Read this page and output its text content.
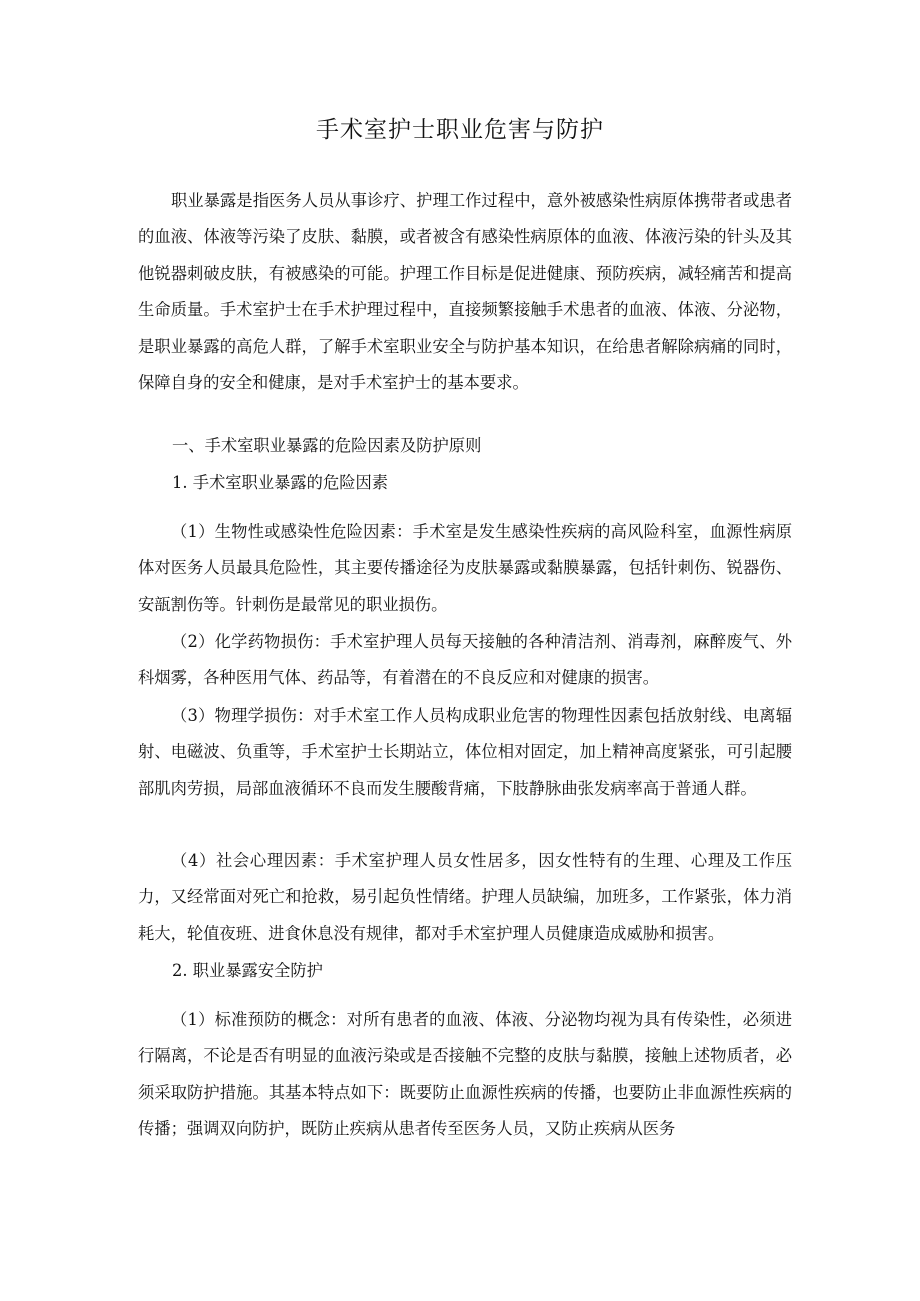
手术室护士职业危害与防护

职业暴露是指医务人员从事诊疗、护理工作过程中，意外被感染性病原体携带者或患者的血液、体液等污染了皮肤、黏膜，或者被含有感染性病原体的血液、体液污染的针头及其他锐器刺破皮肤，有被感染的可能。护理工作目标是促进健康、预防疾病，减轻痛苦和提高生命质量。手术室护士在手术护理过程中，直接频繁接触手术患者的血液、体液、分泌物，是职业暴露的高危人群，了解手术室职业安全与防护基本知识，在给患者解除病痛的同时，保障自身的安全和健康，是对手术室护士的基本要求。

一、手术室职业暴露的危险因素及防护原则

1. 手术室职业暴露的危险因素

（1）生物性或感染性危险因素：手术室是发生感染性疾病的高风险科室，血源性病原体对医务人员最具危险性，其主要传播途径为皮肤暴露或黏膜暴露，包括针刺伤、锐器伤、安瓿割伤等。针刺伤是最常见的职业损伤。

（2）化学药物损伤：手术室护理人员每天接触的各种清洁剂、消毒剂，麻醉废气、外科烟雾，各种医用气体、药品等，有着潜在的不良反应和对健康的损害。

（3）物理学损伤：对手术室工作人员构成职业危害的物理性因素包括放射线、电离辐射、电磁波、负重等，手术室护士长期站立，体位相对固定，加上精神高度紧张，可引起腰部肌肉劳损，局部血液循环不良而发生腰酸背痛，下肢静脉曲张发病率高于普通人群。

（4）社会心理因素：手术室护理人员女性居多，因女性特有的生理、心理及工作压力，又经常面对死亡和抢救，易引起负性情绪。护理人员缺编，加班多，工作紧张，体力消耗大，轮值夜班、进食休息没有规律，都对手术室护理人员健康造成威胁和损害。

2. 职业暴露安全防护

（1）标准预防的概念：对所有患者的血液、体液、分泌物均视为具有传染性，必须进行隔离，不论是否有明显的血液污染或是否接触不完整的皮肤与黏膜，接触上述物质者，必须采取防护措施。其基本特点如下：既要防止血源性疾病的传播，也要防止非血源性疾病的传播；强调双向防护，既防止疾病从患者传至医务人员，又防止疾病从医务
